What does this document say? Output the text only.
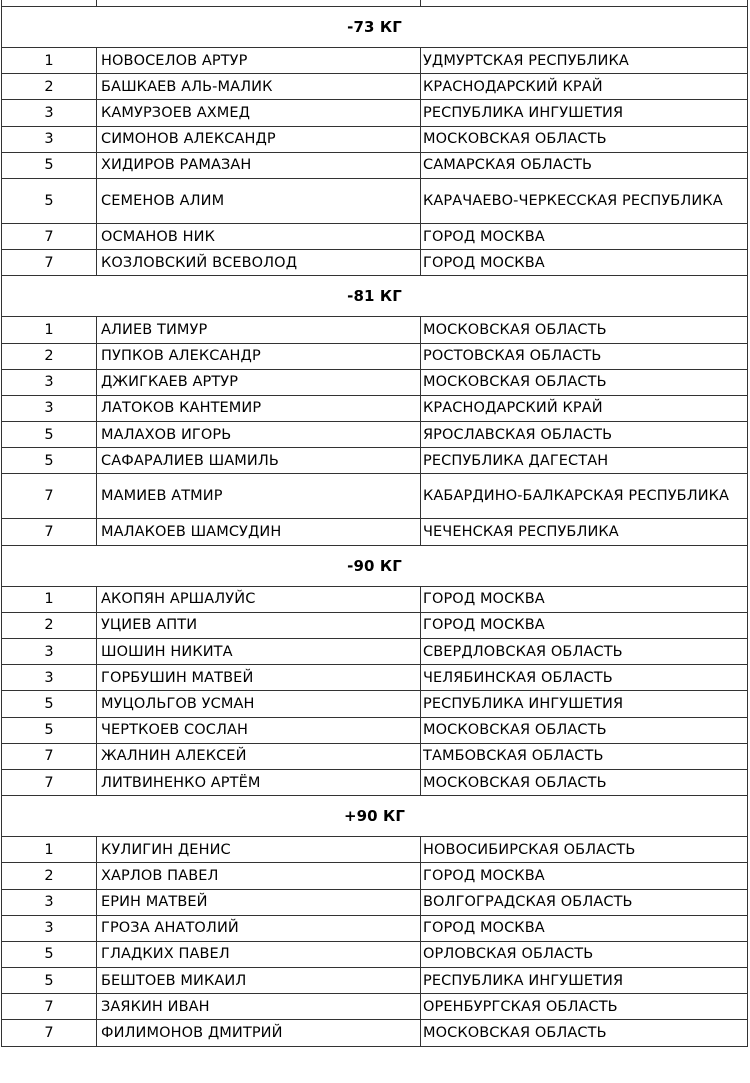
-73 КГ		
1	НОВОСЕЛОВ АРТУР	УДМУРТСКАЯ РЕСПУБЛИКА
2	БАШКАЕВ АЛЬ-МАЛИК	КРАСНОДАРСКИЙ КРАЙ
3	КАМУРЗОЕВ АХМЕД	РЕСПУБЛИКА ИНГУШЕТИЯ
3	СИМОНОВ АЛЕКСАНДР	МОСКОВСКАЯ ОБЛАСТЬ
5	ХИДИРОВ РАМАЗАН	САМАРСКАЯ ОБЛАСТЬ
5	СЕМЕНОВ АЛИМ	КАРАЧАЕВО-ЧЕРКЕССКАЯ РЕСПУБЛИКА
7	ОСМАНОВ НИК	ГОРОД МОСКВА
7	КОЗЛОВСКИЙ ВСЕВОЛОД	ГОРОД МОСКВА
-81 КГ		
1	АЛИЕВ ТИМУР	МОСКОВСКАЯ ОБЛАСТЬ
2	ПУПКОВ АЛЕКСАНДР	РОСТОВСКАЯ ОБЛАСТЬ
3	ДЖИГКАЕВ АРТУР	МОСКОВСКАЯ ОБЛАСТЬ
3	ЛАТОКОВ КАНТЕМИР	КРАСНОДАРСКИЙ КРАЙ
5	МАЛАХОВ ИГОРЬ	ЯРОСЛАВСКАЯ ОБЛАСТЬ
5	САФАРАЛИЕВ ШАМИЛЬ	РЕСПУБЛИКА ДАГЕСТАН
7	МАМИЕВ АТМИР	КАБАРДИНО-БАЛКАРСКАЯ РЕСПУБЛИКА
7	МАЛАКОЕВ ШАМСУДИН	ЧЕЧЕНСКАЯ РЕСПУБЛИКА
-90 КГ		
1	АКОПЯН АРШАЛУЙС	ГОРОД МОСКВА
2	УЦИЕВ АПТИ	ГОРОД МОСКВА
3	ШОШИН НИКИТА	СВЕРДЛОВСКАЯ ОБЛАСТЬ
3	ГОРБУШИН МАТВЕЙ	ЧЕЛЯБИНСКАЯ ОБЛАСТЬ
5	МУЦОЛЬГОВ УСМАН	РЕСПУБЛИКА ИНГУШЕТИЯ
5	ЧЕРТКОЕВ СОСЛАН	МОСКОВСКАЯ ОБЛАСТЬ
7	ЖАЛНИН АЛЕКСЕЙ	ТАМБОВСКАЯ ОБЛАСТЬ
7	ЛИТВИНЕНКО АРТЁМ	МОСКОВСКАЯ ОБЛАСТЬ
+90 КГ		
1	КУЛИГИН ДЕНИС	НОВОСИБИРСКАЯ ОБЛАСТЬ
2	ХАРЛОВ ПАВЕЛ	ГОРОД МОСКВА
3	ЕРИН МАТВЕЙ	ВОЛГОГРАДСКАЯ ОБЛАСТЬ
3	ГРОЗА АНАТОЛИЙ	ГОРОД МОСКВА
5	ГЛАДКИХ ПАВЕЛ	ОРЛОВСКАЯ ОБЛАСТЬ
5	БЕШТОЕВ МИКАИЛ	РЕСПУБЛИКА ИНГУШЕТИЯ
7	ЗАЯКИН ИВАН	ОРЕНБУРГСКАЯ ОБЛАСТЬ
7	ФИЛИМОНОВ ДМИТРИЙ	МОСКОВСКАЯ ОБЛАСТЬ
